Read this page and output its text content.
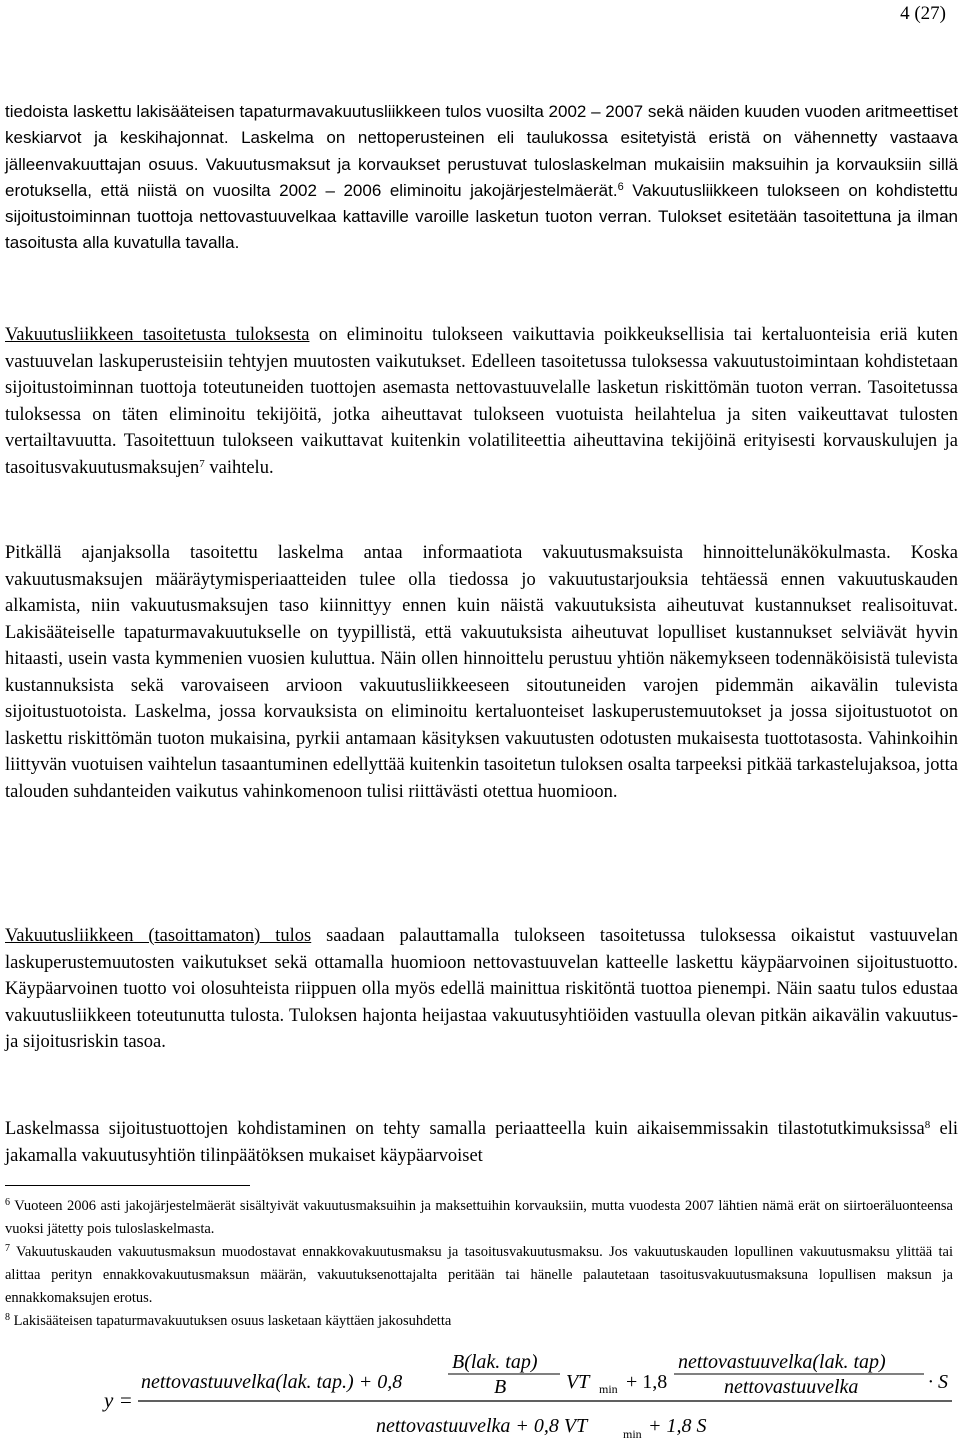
4 (27)

tiedoista laskettu lakisääteisen tapaturmavakuutusliikkeen tulos vuosilta 2002 – 2007 sekä näiden kuuden vuoden aritmeettiset keskiarvot ja keskihajonnat. Laskelma on nettoperusteinen eli taulukossa esitetyistä eristä on vähennetty vastaava jälleenvakuuttajan osuus. Vakuutusmaksut ja korvaukset perustuvat tuloslaskelman mukaisiin maksuihin ja korvauksiin sillä erotuksella, että niistä on vuosilta 2002 – 2006 eliminoitu jakojärjestelmäerät.$^6$ Vakuutusliikkeen tulokseen on kohdistettu sijoitustoiminnan tuottoja nettovastuuvelkaa kattaville varoille lasketun tuoton verran. Tulokset esitetään tasoitettuna ja ilman tasoitusta alla kuvatulla tavalla.

Vakuutusliikkeen tasoitetusta tuloksesta on eliminoitu tulokseen vaikuttavia poikkeuksellisia tai kertaluonteisia eriä kuten vastuuvelan laskuperusteisiin tehtyjen muutosten vaikutukset. Edelleen tasoitetussa tuloksessa vakuutustoimintaan kohdistetaan sijoitustoiminnan tuottoja toteutuneiden tuottojen asemasta nettovastuuvelalle lasketun riskittömän tuoton verran. Tasoitetussa tuloksessa on täten eliminoitu tekijöitä, jotka aiheuttavat tulokseen vuotuista heilahtelua ja siten vaikeuttavat tulosten vertailtavuutta. Tasoitettuun tulokseen vaikuttavat kuitenkin volatiliteettia aiheuttavina tekijöinä erityisesti korvauskulujen ja tasoitusvakuutusmaksujen$^7$ vaihtelu.

Pitkällä ajanjaksolla tasoitettu laskelma antaa informaatiota vakuutusmaksuista hinnoittelunäkökulmasta. Koska vakuutusmaksujen määräytymisperiaatteiden tulee olla tiedossa jo vakuutustarjouksia tehtäessä ennen vakuutuskauden alkamista, niin vakuutusmaksujen taso kiinnittyy ennen kuin näistä vakuutuksista aiheutuvat kustannukset realisoituvat. Lakisääteiselle tapaturmavakuutukselle on tyypillistä, että vakuutuksista aiheutuvat lopulliset kustannukset selviävät hyvin hitaasti, usein vasta kymmenien vuosien kuluttua. Näin ollen hinnoittelu perustuu yhtiön näkemykseen todennäköisistä tulevista kustannuksista sekä varovaiseen arvioon vakuutusliikkeeseen sitoutuneiden varojen pidemmän aikavälin tulevista sijoitustuotoista. Laskelma, jossa korvauksista on eliminoitu kertaluonteiset laskuperustemuutokset ja jossa sijoitustuotot on laskettu riskittömän tuoton mukaisina, pyrkii antamaan käsityksen vakuutusten odotusten mukaisesta tuottotasosta. Vahinkoihin liittyvän vuotuisen vaihtelun tasaantuminen edellyttää kuitenkin tasoitetun tuloksen osalta tarpeeksi pitkää tarkastelujaksoa, jotta talouden suhdanteiden vaikutus vahinkomenoon tulisi riittävästi otettua huomioon.

Vakuutusliikkeen (tasoittamaton) tulos saadaan palauttamalla tulokseen tasoitetussa tuloksessa oikaistut vastuuvelan laskuperustemuutosten vaikutukset sekä ottamalla huomioon nettovastuuvelan katteelle laskettu käypäarvoinen sijoitustuotto. Käypäarvoinen tuotto voi olosuhteista riippuen olla myös edellä mainittua riskitöntä tuottoa pienempi. Näin saatu tulos edustaa vakuutusliikkeen toteutunutta tulosta. Tuloksen hajonta heijastaa vakuutusyhtiöiden vastuulla olevan pitkän aikavälin vakuutus- ja sijoitusriskin tasoa.

Laskelmassa sijoitustuottojen kohdistaminen on tehty samalla periaatteella kuin aikaisemmissakin tilastotutkimuksissa$^8$ eli jakamalla vakuutusyhtiön tilinpäätöksen mukaiset käypäarvoiset

$^6$ Vuoteen 2006 asti jakojärjestelmäerät sisältyivät vakuutusmaksuihin ja maksettuihin korvauksiin, mutta vuodesta 2007 lähtien nämä erät on siirtoeräluonteensa vuoksi jätetty pois tuloslaskelmasta.

$^7$ Vakuutuskauden vakuutusmaksun muodostavat ennakkovakuutusmaksu ja tasoitusvakuutusmaksu. Jos vakuutuskauden lopullinen vakuutusmaksu ylittää tai alittaa perityn ennakkovakuutusmaksun määrän, vakuutuksenottajalta peritään tai hänelle palautetaan tasoitusvakuutusmaksuna lopullisen maksun ja ennakkomaksujen erotus.

$^8$ Lakisääteisen tapaturmavakuutuksen osuus lasketaan käyttäen jakosuhdetta

y =
nettovastuuvelka(lak. tap.) + 0,8
B(lak. tap)
B	VT min + 1,8
nettovastuuvelka(lak. tap)
nettovastuuvelka	· S
nettovastuuvelka + 0,8 VT	min + 1,8 S
